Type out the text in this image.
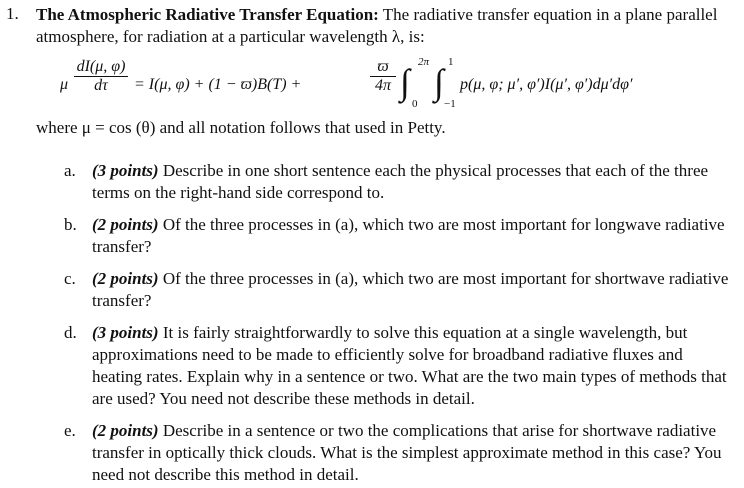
1. The Atmospheric Radiative Transfer Equation: The radiative transfer equation in a plane parallel atmosphere, for radiation at a particular wavelength λ, is:
μ
dI(μ, φ)
dτ	= I(μ, φ) + (1 − ϖ)B(T) +
ϖ
4π
2π
∫
0
1
∫
−1
p(μ, φ; μ′, φ′)I(μ′, φ′)dμ′dφ′
where μ = cos (θ) and all notation follows that used in Petty.
a. (3 points) Describe in one short sentence each the physical processes that each of the three terms on the right-hand side correspond to.
b. (2 points) Of the three processes in (a), which two are most important for longwave radiative transfer?
c. (2 points) Of the three processes in (a), which two are most important for shortwave radiative transfer?
d. (3 points) It is fairly straightforwardly to solve this equation at a single wavelength, but approximations need to be made to efficiently solve for broadband radiative fluxes and heating rates. Explain why in a sentence or two. What are the two main types of methods that are used? You need not describe these methods in detail.
e. (2 points) Describe in a sentence or two the complications that arise for shortwave radiative transfer in optically thick clouds. What is the simplest approximate method in this case? You need not describe this method in detail.
